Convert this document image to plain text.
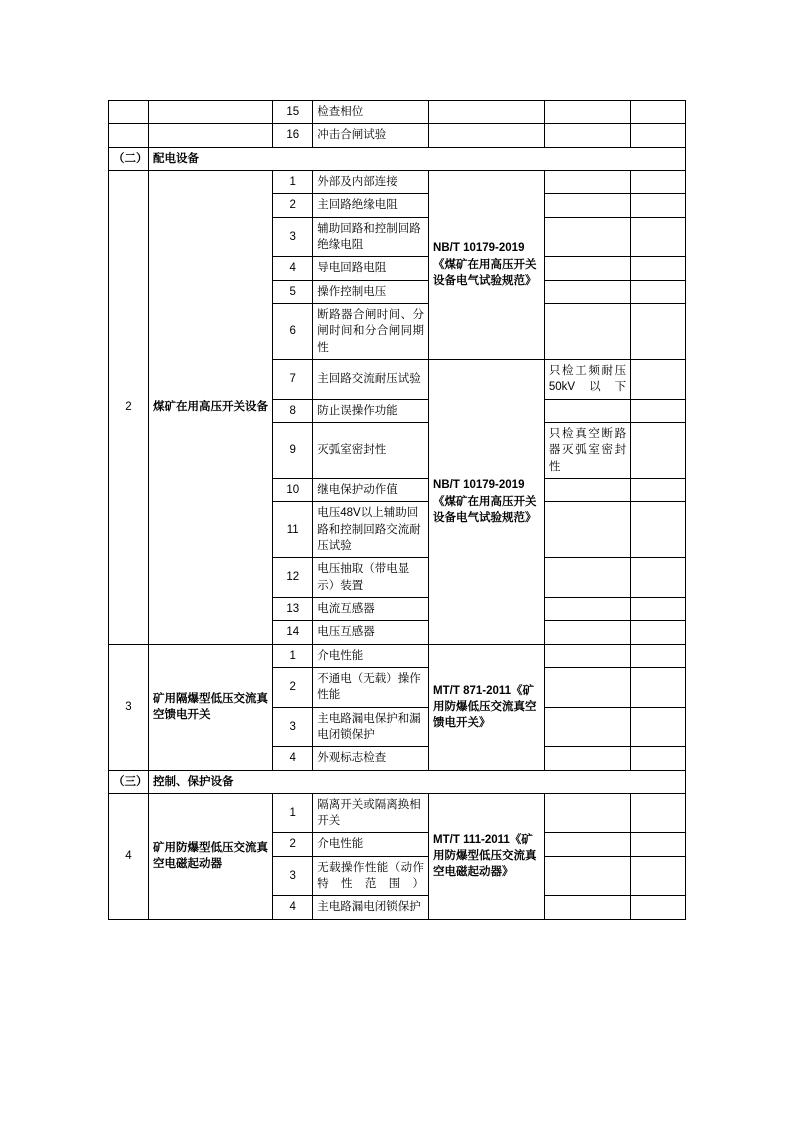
		15	检查相位			
		16	冲击合闸试验			
（二）	配电设备					
2	煤矿在用高压开关设备	1	外部及内部连接	NB/T 10179-2019《煤矿在用高压开关设备电气试验规范》		
		2	主回路绝缘电阻			
		3	辅助回路和控制回路绝缘电阻			
		4	导电回路电阻			
		5	操作控制电压			
		6	断路器合闸时间、分闸时间和分合闸同期性			
		7	主回路交流耐压试验	NB/T 10179-2019《煤矿在用高压开关设备电气试验规范》	只检工频耐压50kV以下	
		8	防止误操作功能			
		9	灭弧室密封性		只检真空断路器灭弧室密封性	
		10	继电保护动作值			
		11	电压48V以上辅助回路和控制回路交流耐压试验			
		12	电压抽取（带电显示）装置			
		13	电流互感器			
		14	电压互感器			
3	矿用隔爆型低压交流真空馈电开关	1	介电性能	MT/T 871-2011《矿用防爆低压交流真空馈电开关》		
		2	不通电（无载）操作性能			
		3	主电路漏电保护和漏电闭锁保护			
		4	外观标志检查			
（三）	控制、保护设备					
4	矿用防爆型低压交流真空电磁起动器	1	隔离开关或隔离换相开关	MT/T 111-2011《矿用防爆型低压交流真空电磁起动器》		
		2	介电性能			
		3	无载操作性能（动作特性范围）			
		4	主电路漏电闭锁保护			
